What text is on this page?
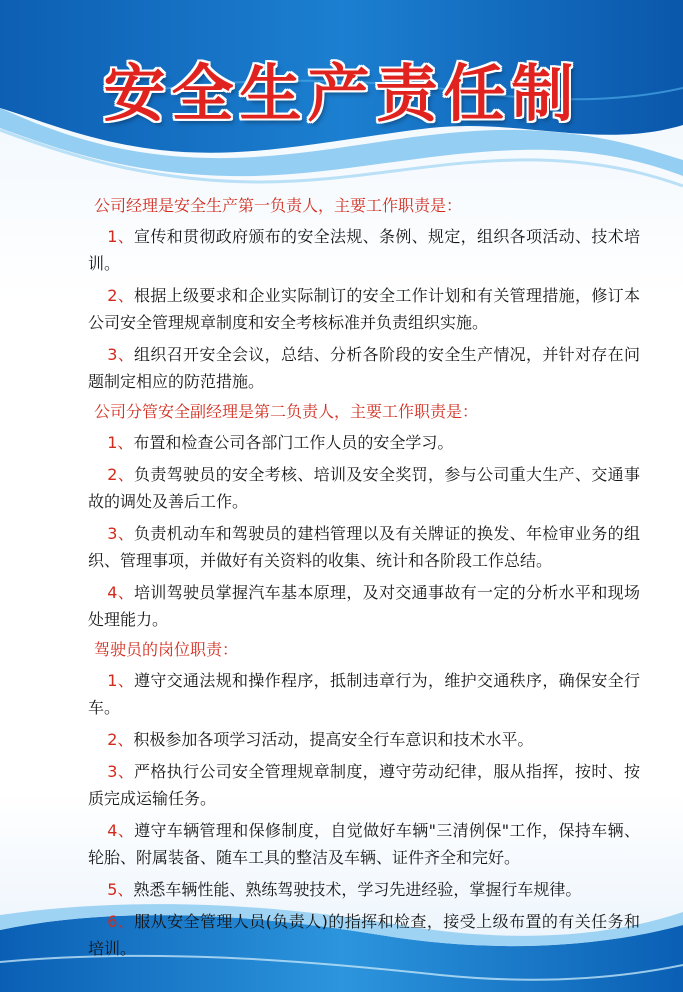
安全生产责任制

公司经理是安全生产第一负责人，主要工作职责是：

1、宣传和贯彻政府颁布的安全法规、条例、规定，组织各项活动、技术培训。

2、根据上级要求和企业实际制订的安全工作计划和有关管理措施，修订本公司安全管理规章制度和安全考核标准并负责组织实施。

3、组织召开安全会议，总结、分析各阶段的安全生产情况，并针对存在问题制定相应的防范措施。

公司分管安全副经理是第二负责人，主要工作职责是：

1、布置和检查公司各部门工作人员的安全学习。

2、负责驾驶员的安全考核、培训及安全奖罚，参与公司重大生产、交通事故的调处及善后工作。

3、负责机动车和驾驶员的建档管理以及有关牌证的换发、年检审业务的组织、管理事项，并做好有关资料的收集、统计和各阶段工作总结。

4、培训驾驶员掌握汽车基本原理，及对交通事故有一定的分析水平和现场处理能力。

驾驶员的岗位职责：

1、遵守交通法规和操作程序，抵制违章行为，维护交通秩序，确保安全行车。

2、积极参加各项学习活动，提高安全行车意识和技术水平。

3、严格执行公司安全管理规章制度，遵守劳动纪律，服从指挥，按时、按质完成运输任务。

4、遵守车辆管理和保修制度，自觉做好车辆"三清例保"工作，保持车辆、轮胎、附属装备、随车工具的整洁及车辆、证件齐全和完好。

5、熟悉车辆性能、熟练驾驶技术，学习先进经验，掌握行车规律。

6、服从安全管理人员(负责人)的指挥和检查，接受上级布置的有关任务和培训。
